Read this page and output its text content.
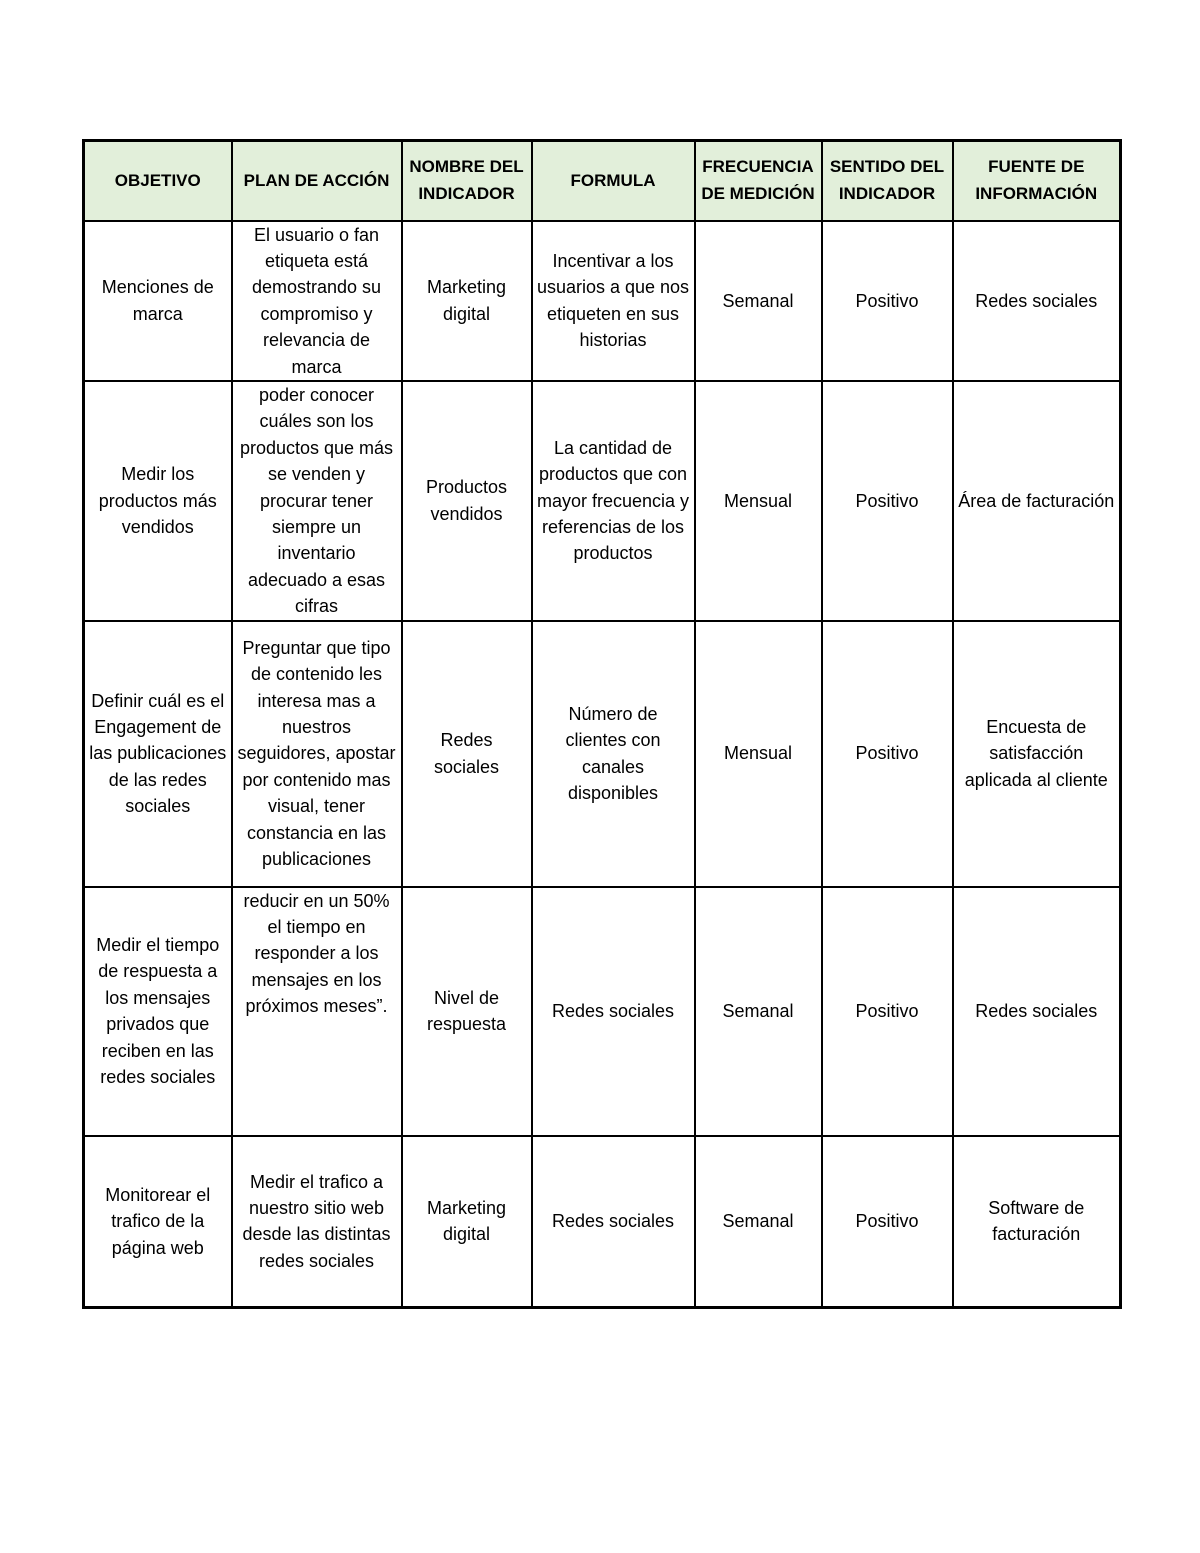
OBJETIVO	PLAN DE ACCIÓN	NOMBRE DEL INDICADOR	FORMULA	FRECUENCIA DE MEDICIÓN	SENTIDO DEL INDICADOR	FUENTE DE INFORMACIÓN
Menciones de marca	El usuario o fan etiqueta está demostrando su compromiso y relevancia de marca	Marketing digital	Incentivar a los usuarios a que nos etiqueten en sus historias	Semanal	Positivo	Redes sociales
Medir los productos más vendidos	poder conocer cuáles son los productos que más se venden y procurar tener siempre un inventario adecuado a esas cifras	Productos vendidos	La cantidad de productos que con mayor frecuencia y referencias de los productos	Mensual	Positivo	Área de facturación
Definir cuál es el Engagement de las publicaciones de las redes sociales	Preguntar que tipo de contenido les interesa mas a nuestros seguidores, apostar por contenido mas visual, tener constancia en las publicaciones	Redes sociales	Número de clientes con canales disponibles	Mensual	Positivo	Encuesta de satisfacción aplicada al cliente
Medir el tiempo de respuesta a los mensajes privados que reciben en las redes sociales	reducir en un 50% el tiempo en responder a los mensajes en los próximos meses”.	Nivel de respuesta	Redes sociales	Semanal	Positivo	Redes sociales
Monitorear el trafico de la página web	Medir el trafico a nuestro sitio web desde las distintas redes sociales	Marketing digital	Redes sociales	Semanal	Positivo	Software de facturación
